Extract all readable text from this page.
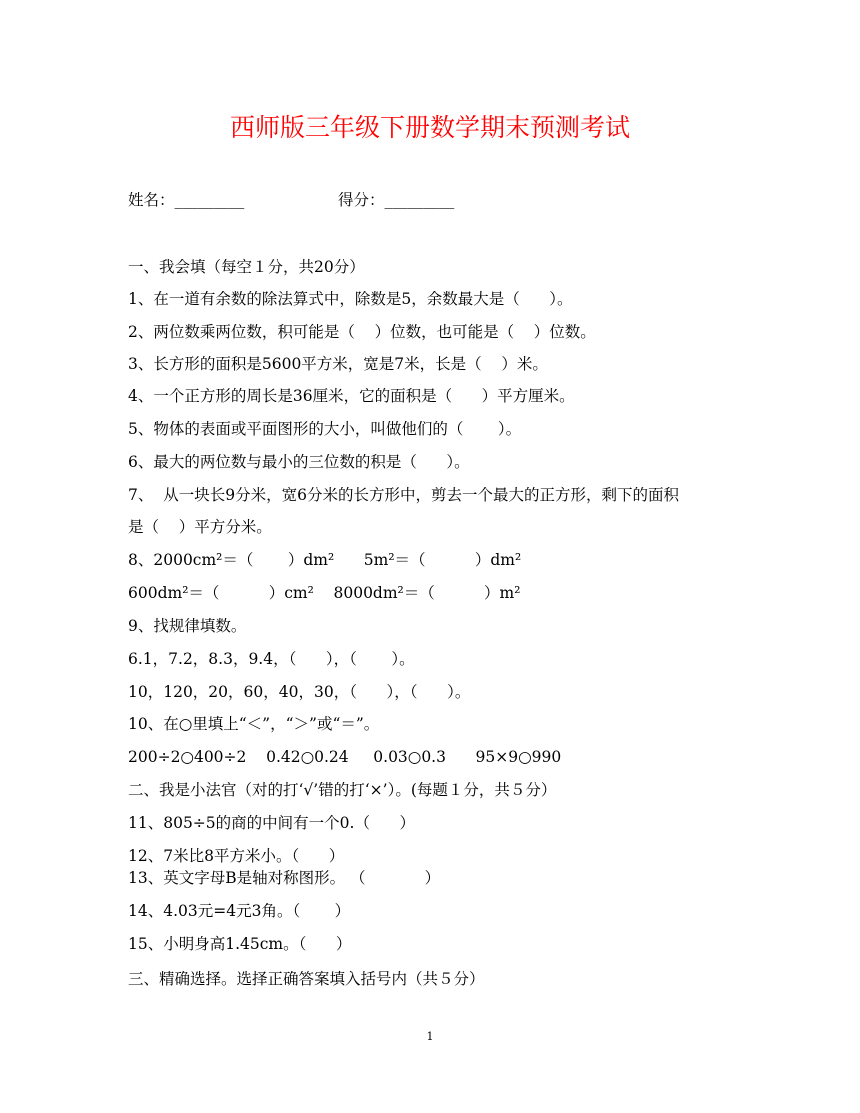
西师版三年级下册数学期末预测考试
姓名：_________	得分：_________
一、我会填（每空１分，共20分）
1、在一道有余数的除法算式中，除数是5，余数最大是（      ）。
2、两位数乘两位数，积可能是（    ）位数，也可能是（    ）位数。
3、长方形的面积是5600平方米，宽是7米，长是（    ）米。
4、一个正方形的周长是36厘米，它的面积是（      ）平方厘米。
5、物体的表面或平面图形的大小，叫做他们的（       ）。
6、最大的两位数与最小的三位数的积是（      ）。
7、  从一块长9分米，宽6分米的长方形中，剪去一个最大的正方形，剩下的面积
是（    ）平方分米。
8、2000cm²＝（       ）dm²      5m²＝（          ）dm²
600dm²＝（          ）cm²    8000dm²＝（          ）m²
9、找规律填数。
6.1，7.2，8.3，9.4，（      ），（       ）。
10，120，20，60，40，30，（      ），（      ）。
10、在○里填上“＜”，“＞”或“＝”。
200÷2○400÷2    0.42○0.24     0.03○0.3      95×9○990
二、我是小法官（对的打‘√’错的打‘×’）。(每题１分，共５分）
11、805÷5的商的中间有一个0.（      ）
12、7米比8平方米小。（      ）
13、英文字母B是轴对称图形。 （            ）
14、4.03元=4元3角。（       ）
15、小明身高1.45cm。（      ）
三、精确选择。选择正确答案填入括号内（共５分）
1
